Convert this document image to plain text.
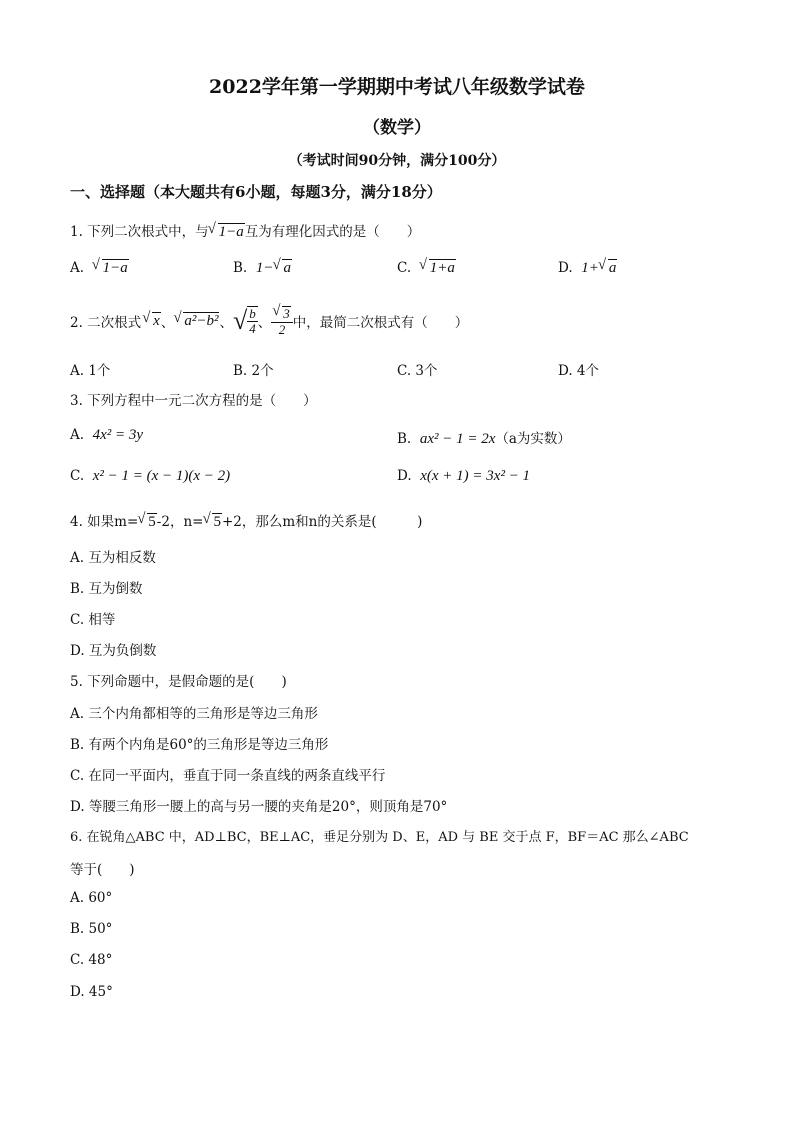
2022学年第一学期期中考试八年级数学试卷
（数学）
（考试时间90分钟，满分100分）
一、选择题（本大题共有6小题，每题3分，满分18分）
1. 下列二次根式中，与 √ 1−a互为有理化因式的是（　　）
A. √ 1−a	B. 1− √ a	C. √ 1+a	D. 1+ √ a
2. 二次根式 √ x 、 √ a²−b² 、 √ $\frac{b}{4}$ 、 √ $\frac{3}{2}$ 中，最简二次根式有（　　）
A. 1个	B. 2个	C. 3个	D. 4个
3. 下列方程中一元二次方程的是（　　）
A. 4x² = 3y	B. ax² − 1 = 2x（a为实数）
C. x² − 1 = (x − 1)(x − 2)	D. x(x + 1) = 3x² − 1
4. 如果m= √ 5-2，n= √ 5+2，那么m和n的关系是(　　　)
A. 互为相反数
B. 互为倒数
C. 相等
D. 互为负倒数
5. 下列命题中，是假命题的是(　　)
A. 三个内角都相等的三角形是等边三角形
B. 有两个内角是60°的三角形是等边三角形
C. 在同一平面内，垂直于同一条直线的两条直线平行
D. 等腰三角形一腰上的高与另一腰的夹角是20°，则顶角是70°
6. 在锐角△ABC 中，AD⊥BC，BE⊥AC，垂足分别为 D、E，AD 与 BE 交于点 F，BF＝AC 那么∠ABC
等于(　　)
A. 60°
B. 50°
C. 48°
D. 45°
